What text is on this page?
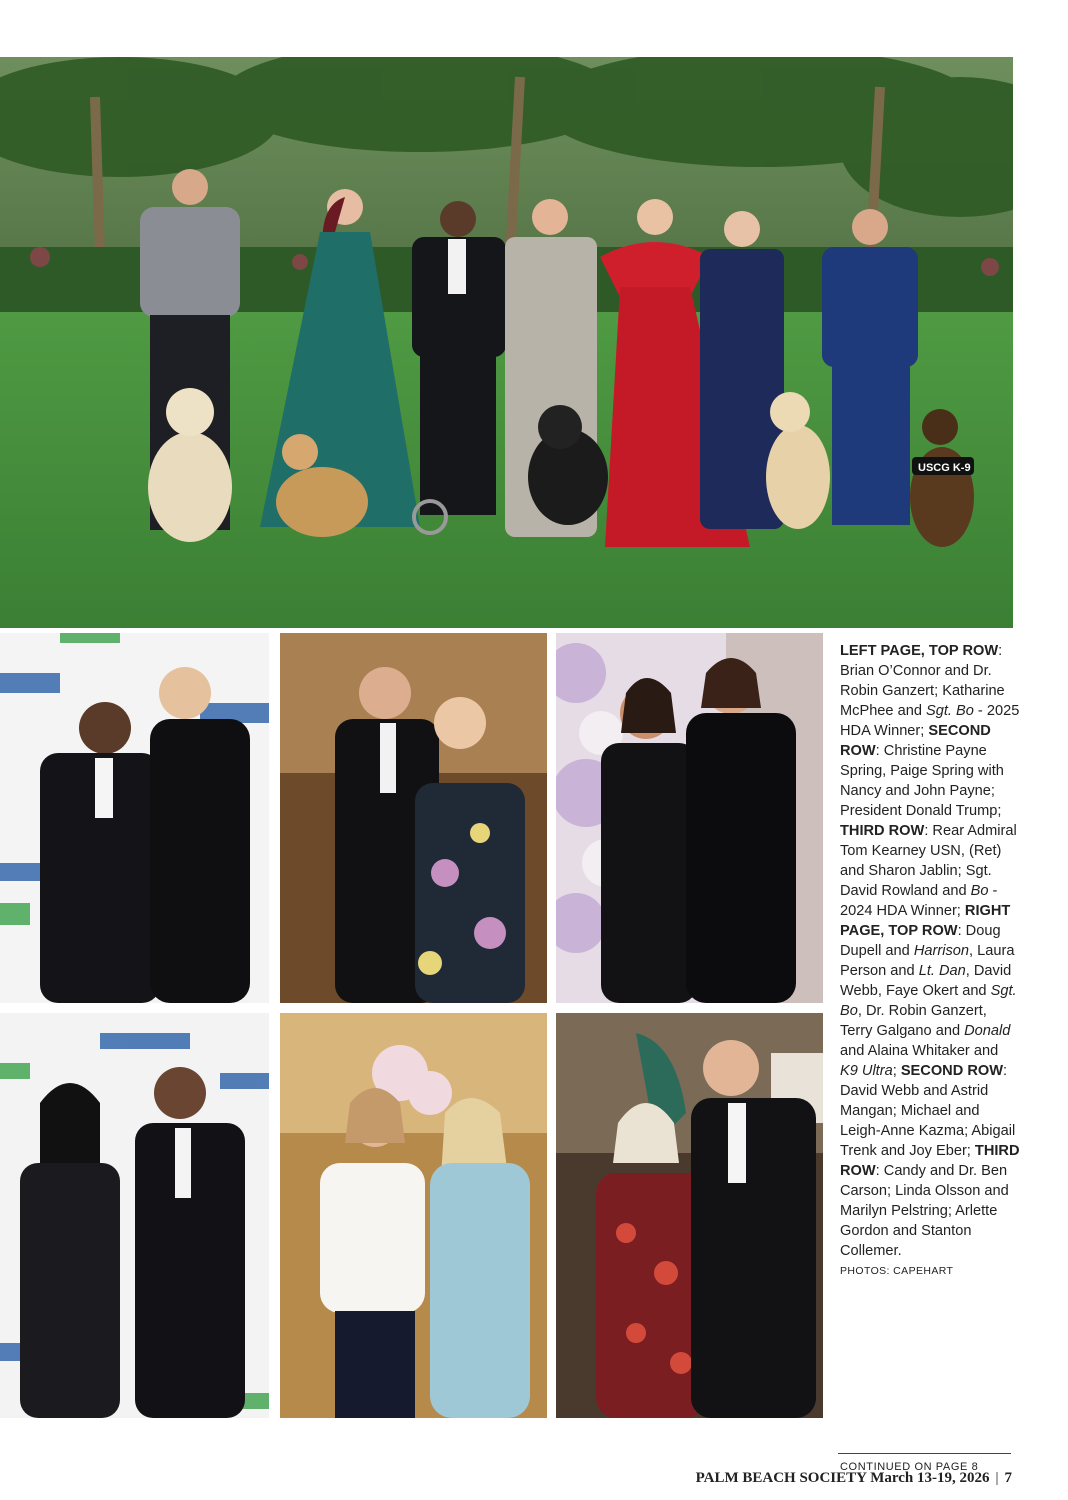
USCG K-9
LEFT PAGE, TOP ROW: Brian O’Connor and Dr. Robin Ganzert; Katharine McPhee and Sgt. Bo - 2025 HDA Winner; SECOND ROW: Christine Payne Spring, Paige Spring with Nancy and John Payne; President Donald Trump; THIRD ROW: Rear Admiral Tom Kearney USN, (Ret) and Sharon Jablin; Sgt. David Rowland and Bo - 2024 HDA Winner; RIGHT PAGE, TOP ROW: Doug Dupell and Harrison, Laura Person and Lt. Dan, David Webb, Faye Okert and Sgt. Bo, Dr. Robin Ganzert, Terry Galgano and Donald and Alaina Whitaker and K9 Ultra; SECOND ROW: David Webb and Astrid Mangan; Michael and Leigh-Anne Kazma; Abigail Trenk and Joy Eber; THIRD ROW: Candy and Dr. Ben Carson; Linda Olsson and Marilyn Pelstring; Arlette Gordon and Stanton Collemer.
PHOTOS: CAPEHART
CONTINUED ON PAGE 8
PALM BEACH SOCIETY March 13-19, 2026 | 7
